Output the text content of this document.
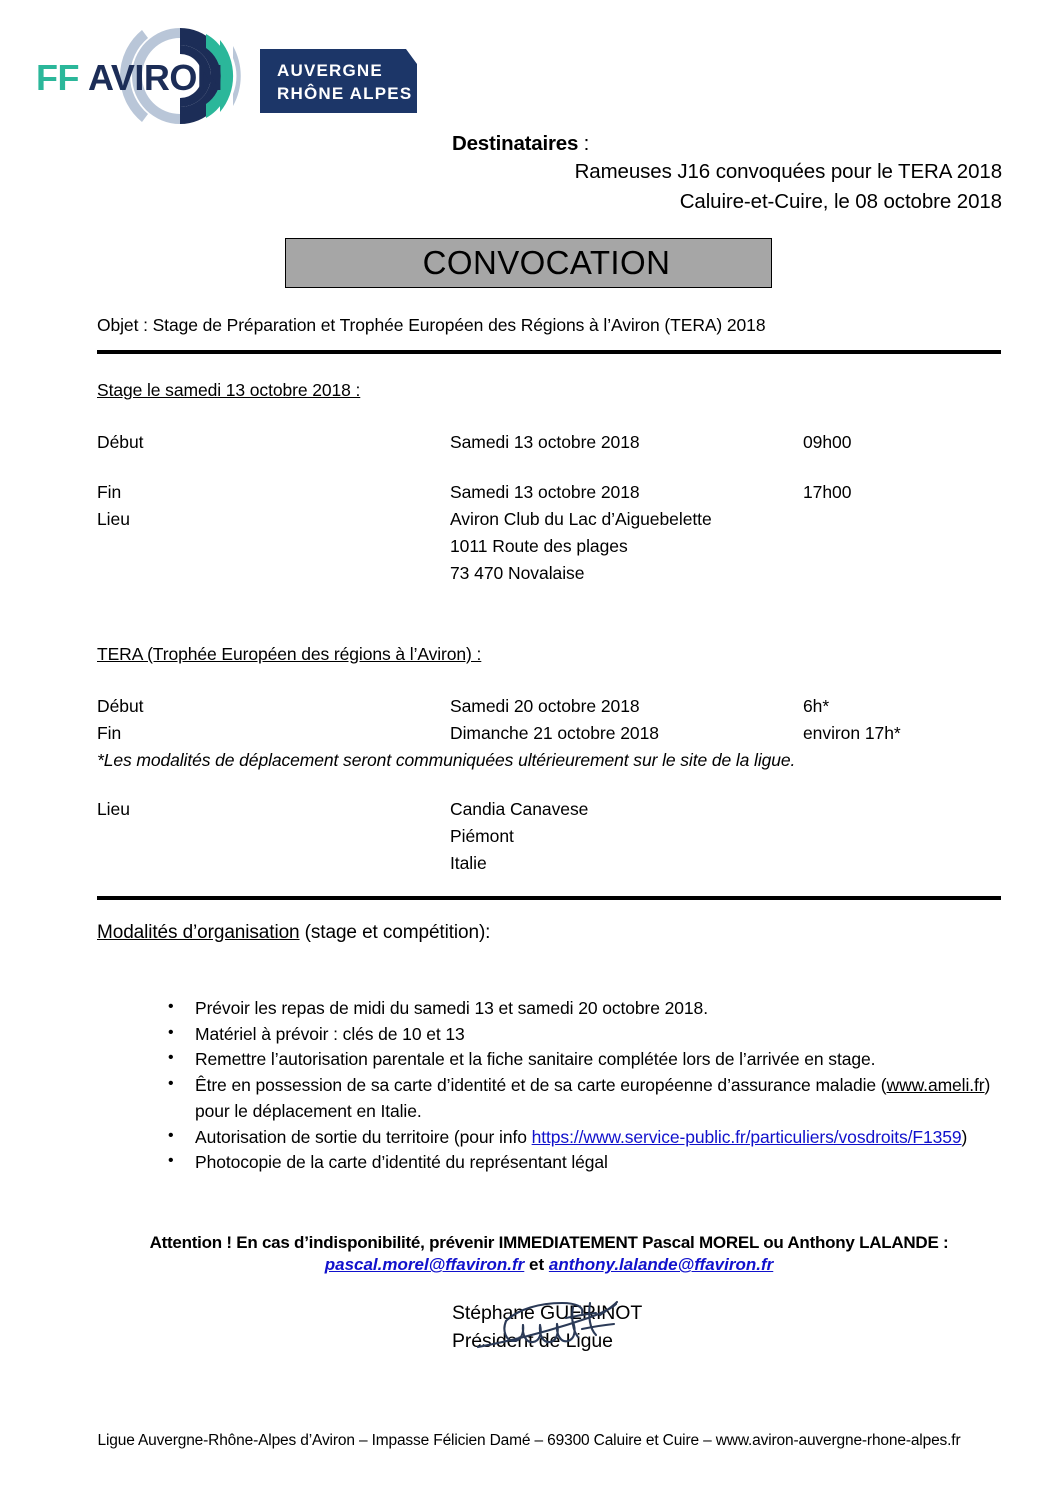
FF AVIRON	AUVERGNE
RHÔNE ALPES
Destinataires :
Rameuses J16 convoquées pour le TERA 2018
Caluire-et-Cuire, le 08 octobre 2018
CONVOCATION
Objet : Stage de Préparation et Trophée Européen des Régions à l’Aviron (TERA) 2018
Stage le samedi 13 octobre 2018 :
Début	Samedi 13 octobre 2018	09h00
Fin	Samedi 13 octobre 2018	17h00
Lieu	Aviron Club du Lac d’Aiguebelette
1011 Route des plages
73 470 Novalaise
TERA (Trophée Européen des régions à l’Aviron) :
Début	Samedi 20 octobre 2018	6h*
Fin	Dimanche 21 octobre 2018	environ 17h*
*Les modalités de déplacement seront communiquées ultérieurement sur le site de la ligue.
Lieu	Candia Canavese
Piémont
Italie
Modalités d’organisation (stage et compétition):
• Prévoir les repas de midi du samedi 13 et samedi 20 octobre 2018.
• Matériel à prévoir : clés de 10 et 13
• Remettre l’autorisation parentale et la fiche sanitaire complétée lors de l’arrivée en stage.
• Être en possession de sa carte d’identité et de sa carte européenne d’assurance maladie (www.ameli.fr) pour le déplacement en Italie.
• Autorisation de sortie du territoire (pour info https://www.service-public.fr/particuliers/vosdroits/F1359)
• Photocopie de la carte d’identité du représentant légal
Attention ! En cas d’indisponibilité, prévenir IMMEDIATEMENT Pascal MOREL ou Anthony LALANDE :
pascal.morel@ffaviron.fr et anthony.lalande@ffaviron.fr
Stéphane GUERINOT
Président de Ligue
Ligue Auvergne-Rhône-Alpes d’Aviron – Impasse Félicien Damé – 69300 Caluire et Cuire – www.aviron-auvergne-rhone-alpes.fr
